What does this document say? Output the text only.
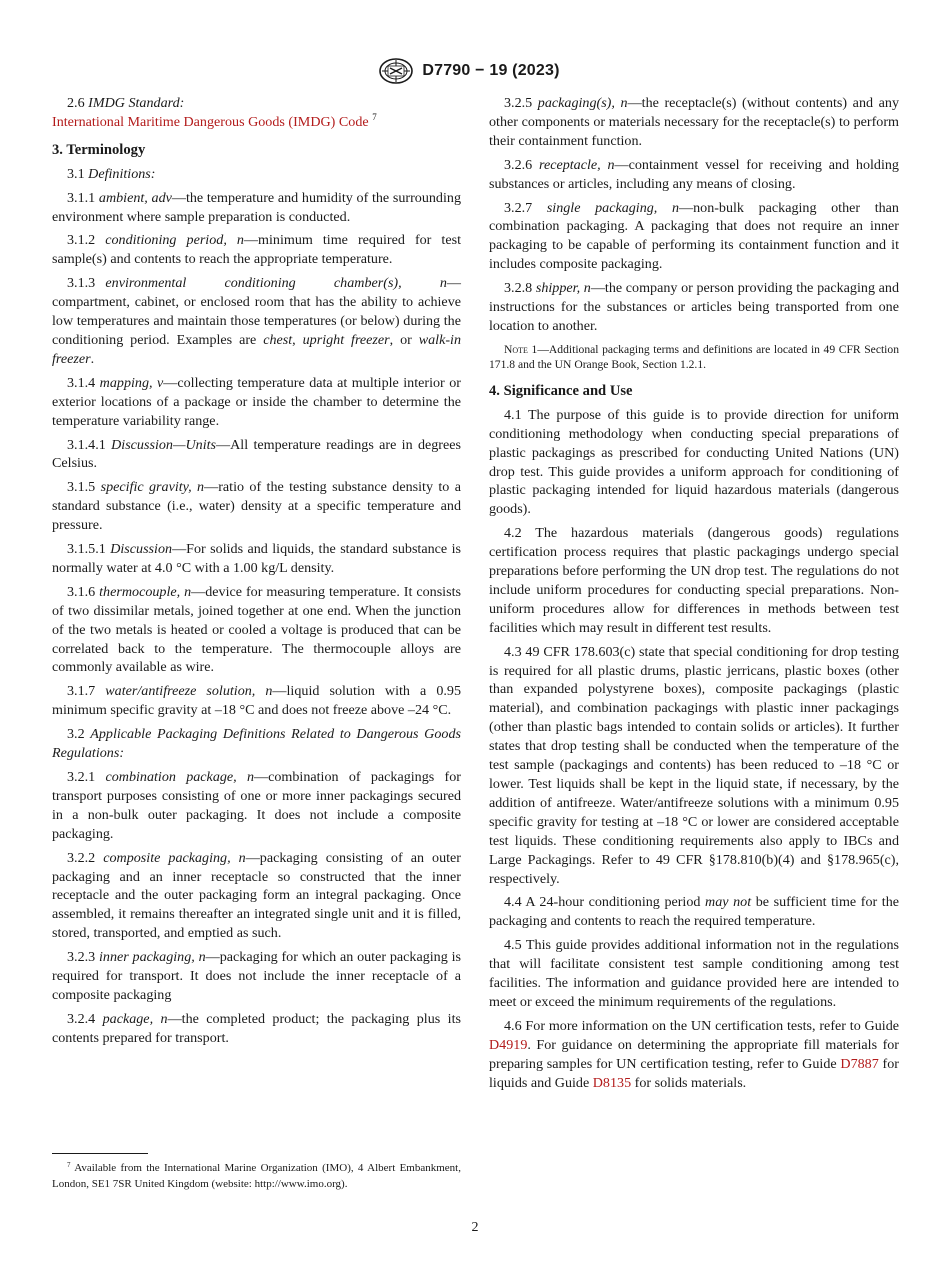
D7790 − 19 (2023)

2.6 IMDG Standard:
International Maritime Dangerous Goods (IMDG) Code $^7$

3. Terminology

3.1 Definitions:

3.1.1 ambient, adv—the temperature and humidity of the surrounding environment where sample preparation is conducted.

3.1.2 conditioning period, n—minimum time required for test sample(s) and contents to reach the appropriate temperature.

3.1.3 environmental conditioning chamber(s), n—compartment, cabinet, or enclosed room that has the ability to achieve low temperatures and maintain those temperatures (or below) during the conditioning period. Examples are chest, upright freezer, or walk-in freezer.

3.1.4 mapping, v—collecting temperature data at multiple interior or exterior locations of a package or inside the chamber to determine the temperature variability range.

3.1.4.1 Discussion—Units—All temperature readings are in degrees Celsius.

3.1.5 specific gravity, n—ratio of the testing substance density to a standard substance (i.e., water) density at a specific temperature and pressure.

3.1.5.1 Discussion—For solids and liquids, the standard substance is normally water at 4.0 °C with a 1.00 kg/L density.

3.1.6 thermocouple, n—device for measuring temperature. It consists of two dissimilar metals, joined together at one end. When the junction of the two metals is heated or cooled a voltage is produced that can be correlated back to the temperature. The thermocouple alloys are commonly available as wire.

3.1.7 water/antifreeze solution, n—liquid solution with a 0.95 minimum specific gravity at –18 °C and does not freeze above –24 °C.

3.2 Applicable Packaging Definitions Related to Dangerous Goods Regulations:

3.2.1 combination package, n—combination of packagings for transport purposes consisting of one or more inner packagings secured in a non-bulk outer packaging. It does not include a composite packaging.

3.2.2 composite packaging, n—packaging consisting of an outer packaging and an inner receptacle so constructed that the inner receptacle and the outer packaging form an integral packaging. Once assembled, it remains thereafter an integrated single unit and it is filled, stored, transported, and emptied as such.

3.2.3 inner packaging, n—packaging for which an outer packaging is required for transport. It does not include the inner receptacle of a composite packaging

3.2.4 package, n—the completed product; the packaging plus its contents prepared for transport.

3.2.5 packaging(s), n—the receptacle(s) (without contents) and any other components or materials necessary for the receptacle(s) to perform their containment function.

3.2.6 receptacle, n—containment vessel for receiving and holding substances or articles, including any means of closing.

3.2.7 single packaging, n—non-bulk packaging other than combination packaging. A packaging that does not require an inner packaging to be capable of performing its containment function and it includes composite packaging.

3.2.8 shipper, n—the company or person providing the packaging and instructions for the substances or articles being transported from one location to another.

Note 1—Additional packaging terms and definitions are located in 49 CFR Section 171.8 and the UN Orange Book, Section 1.2.1.

4. Significance and Use

4.1 The purpose of this guide is to provide direction for uniform conditioning methodology when conducting special preparations of plastic packagings as prescribed for conducting United Nations (UN) drop test. This guide provides a uniform approach for conditioning of plastic packaging intended for liquid hazardous materials (dangerous goods).

4.2 The hazardous materials (dangerous goods) regulations certification process requires that plastic packagings undergo special preparations before performing the UN drop test. The regulations do not include uniform procedures for conducting special preparations. Non-uniform procedures allow for differences in methods between test facilities which may result in different test results.

4.3 49 CFR 178.603(c) state that special conditioning for drop testing is required for all plastic drums, plastic jerricans, plastic boxes (other than expanded polystyrene boxes), composite packagings (plastic material), and combination packagings with plastic inner packagings (other than plastic bags intended to contain solids or articles). It further states that drop testing shall be conducted when the temperature of the test sample (packagings and contents) has been reduced to –18 °C or lower. Test liquids shall be kept in the liquid state, if necessary, by the addition of antifreeze. Water/antifreeze solutions with a minimum 0.95 specific gravity for testing at –18 °C or lower are considered acceptable test liquids. These conditioning requirements also apply to IBCs and Large Packagings. Refer to 49 CFR §178.810(b)(4) and §178.965(c), respectively.

4.4 A 24-hour conditioning period may not be sufficient time for the packaging and contents to reach the required temperature.

4.5 This guide provides additional information not in the regulations that will facilitate consistent test sample conditioning among test facilities. The information and guidance provided here are intended to meet or exceed the minimum requirements of the regulations.

4.6 For more information on the UN certification tests, refer to Guide D4919. For guidance on determining the appropriate fill materials for preparing samples for UN certification testing, refer to Guide D7887 for liquids and Guide D8135 for solids materials.

$^7$ Available from the International Marine Organization (IMO), 4 Albert Embankment, London, SE1 7SR United Kingdom (website: http://www.imo.org).
2
